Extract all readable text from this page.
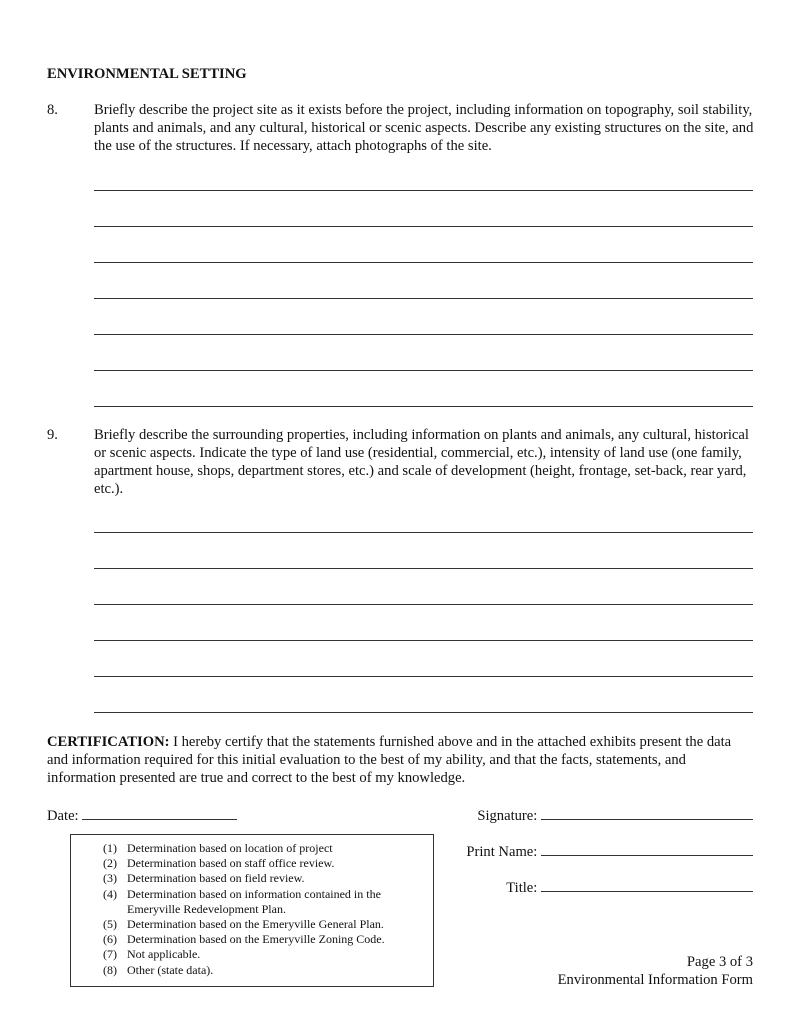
ENVIRONMENTAL SETTING
8. Briefly describe the project site as it exists before the project, including information on topography, soil stability, plants and animals, and any cultural, historical or scenic aspects. Describe any existing structures on the site, and the use of the structures. If necessary, attach photographs of the site.
9. Briefly describe the surrounding properties, including information on plants and animals, any cultural, historical or scenic aspects. Indicate the type of land use (residential, commercial, etc.), intensity of land use (one family, apartment house, shops, department stores, etc.) and scale of development (height, frontage, set-back, rear yard, etc.).
CERTIFICATION: I hereby certify that the statements furnished above and in the attached exhibits present the data and information required for this initial evaluation to the best of my ability, and that the facts, statements, and information presented are true and correct to the best of my knowledge.
Date:	Signature:
Print Name:
Title:
(1) Determination based on location of project
(2) Determination based on staff office review.
(3) Determination based on field review.
(4) Determination based on information contained in the Emeryville Redevelopment Plan.
(5) Determination based on the Emeryville General Plan.
(6) Determination based on the Emeryville Zoning Code.
(7) Not applicable.
(8) Other (state data).	Page 3 of 3
Environmental Information Form
